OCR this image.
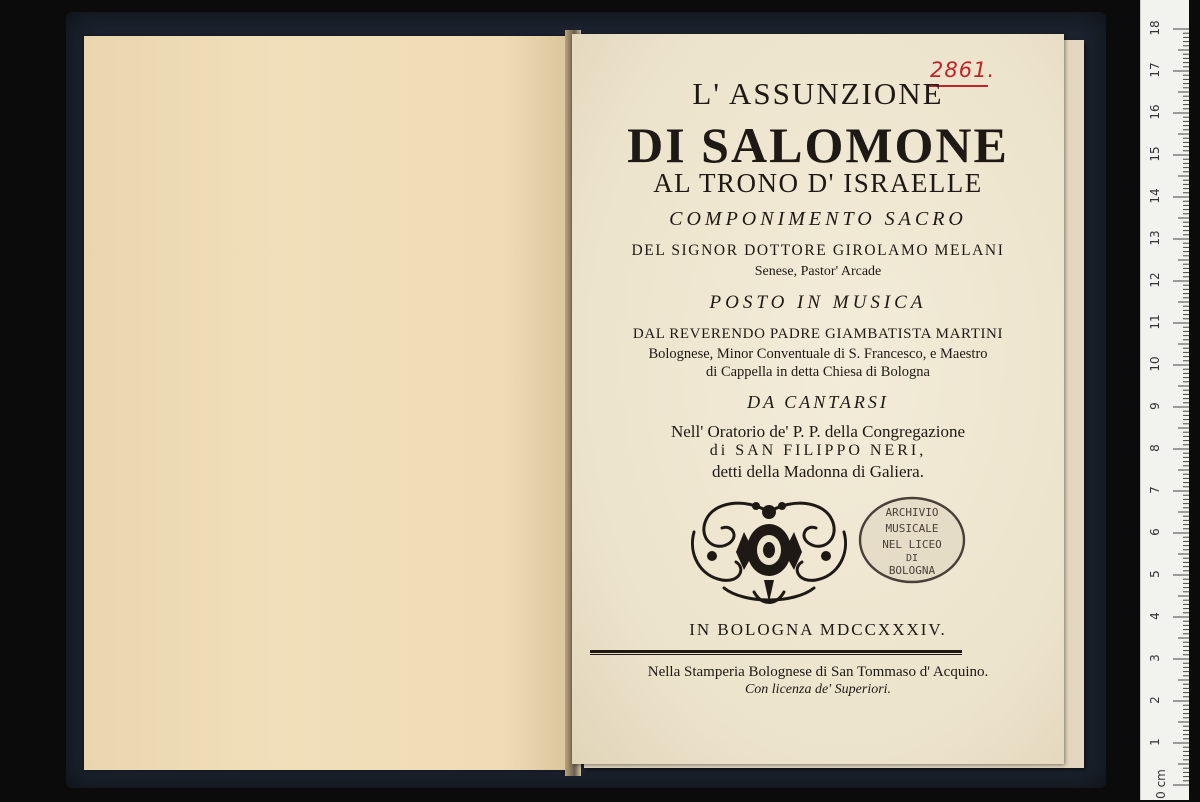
2861.
L' ASSUNZIONE
DI SALOMONE
AL TRONO D' ISRAELLE
COMPONIMENTO SACRO
DEL SIGNOR DOTTORE GIROLAMO MELANI
Senese, Pastor' Arcade
POSTO IN MUSICA
DAL REVERENDO PADRE GIAMBATISTA MARTINI
Bolognese, Minor Conventuale di S. Francesco, e Maestro
di Cappella in detta Chiesa di Bologna
DA CANTARSI
Nell' Oratorio de' P. P. della Congregazione
di SAN FILIPPO NERI,
detti della Madonna di Galiera.
ARCHIVIO
MUSICALE
NEL LICEO
DI
BOLOGNA
IN BOLOGNA MDCCXXXIV.
Nella Stamperia Bolognese di San Tommaso d' Acquino.
Con licenza de' Superiori.
0 cm
1
2
3
4
5
6
7
8
9
10
11
12
13
14
15
16
17
18
